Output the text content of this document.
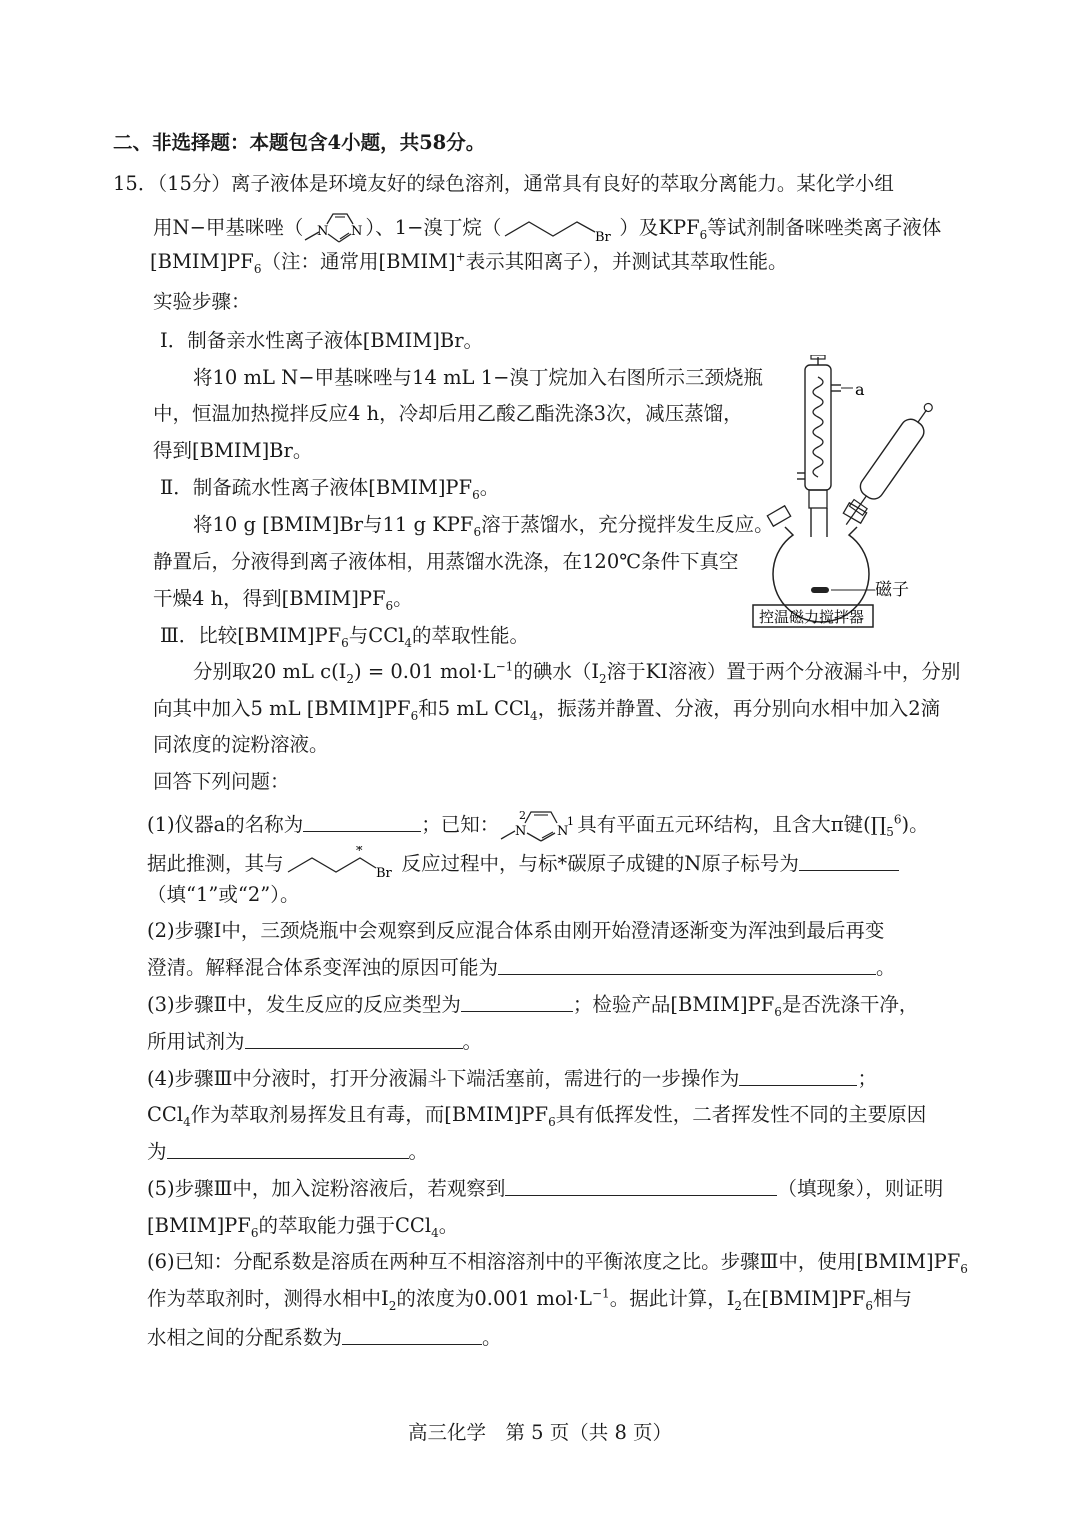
二、非选择题：本题包含4小题，共58分。
15．（15分）离子液体是环境友好的绿色溶剂，通常具有良好的萃取分离能力。某化学小组
用N−甲基咪唑（ N N ）、1−溴丁烷（	Br ）及$KPF_6$等试剂制备咪唑类离子液体
$[BMIM]PF_6$（注：通常用[BMIM]+表示其阳离子），并测试其萃取性能。
实验步骤：
Ⅰ．制备亲水性离子液体[BMIM]Br。
将10 mL N−甲基咪唑与14 mL 1−溴丁烷加入右图所示三颈烧瓶
中，恒温加热搅拌反应4 h，冷却后用乙酸乙酯洗涤3次，减压蒸馏，
得到[BMIM]Br。
Ⅱ．制备疏水性离子液体$[BMIM]PF_6$。
将10 g [BMIM]Br与11 g $KPF_6$溶于蒸馏水，充分搅拌发生反应。
静置后，分液得到离子液体相，用蒸馏水洗涤，在120℃条件下真空
干燥4 h，得到$[BMIM]PF_6$。
Ⅲ．比较$[BMIM]PF_6$与CCl$_4$的萃取性能。
分别取20 mL $c(I_2) = 0.01$ $mol\cdot L^{-1}$的碘水（$I_2$溶于KI溶液）置于两个分液漏斗中，分别
向其中加入5 mL $[BMIM]PF_6$和5 mL CCl$_4$，振荡并静置、分液，再分别向水相中加入2滴
同浓度的淀粉溶液。
回答下列问题：
(1)仪器a的名称为	；已知： N N
2	1 具有平面五元环结构，且含大π键$(\prod_5^6)$。
据此推测，其与
*
Br 反应过程中，与标*碳原子成键的N原子标号为
（填“1”或“2”）。
(2)步骤Ⅰ中，三颈烧瓶中会观察到反应混合体系由刚开始澄清逐渐变为浑浊到最后再变
澄清。解释混合体系变浑浊的原因可能为	。
(3)步骤Ⅱ中，发生反应的反应类型为	；检验产品$[BMIM]PF_6$是否洗涤干净，
所用试剂为	。
(4)步骤Ⅲ中分液时，打开分液漏斗下端活塞前，需进行的一步操作为	；
CCl$_4$作为萃取剂易挥发且有毒，而$[BMIM]PF_6$具有低挥发性，二者挥发性不同的主要原因
为	。
(5)步骤Ⅲ中，加入淀粉溶液后，若观察到	（填现象），则证明
$[BMIM]PF_6$的萃取能力强于CCl$_4$。
(6)已知：分配系数是溶质在两种互不相溶溶剂中的平衡浓度之比。步骤Ⅲ中，使用$[BMIM]PF_6$
作为萃取剂时，测得水相中$I_2$的浓度为0.001 $mol\cdot L^{-1}$。据此计算，$I_2$在$[BMIM]PF_6$相与
水相之间的分配系数为	。
a
磁子
控温磁力搅拌器
高三化学　第 5 页（共 8 页）
